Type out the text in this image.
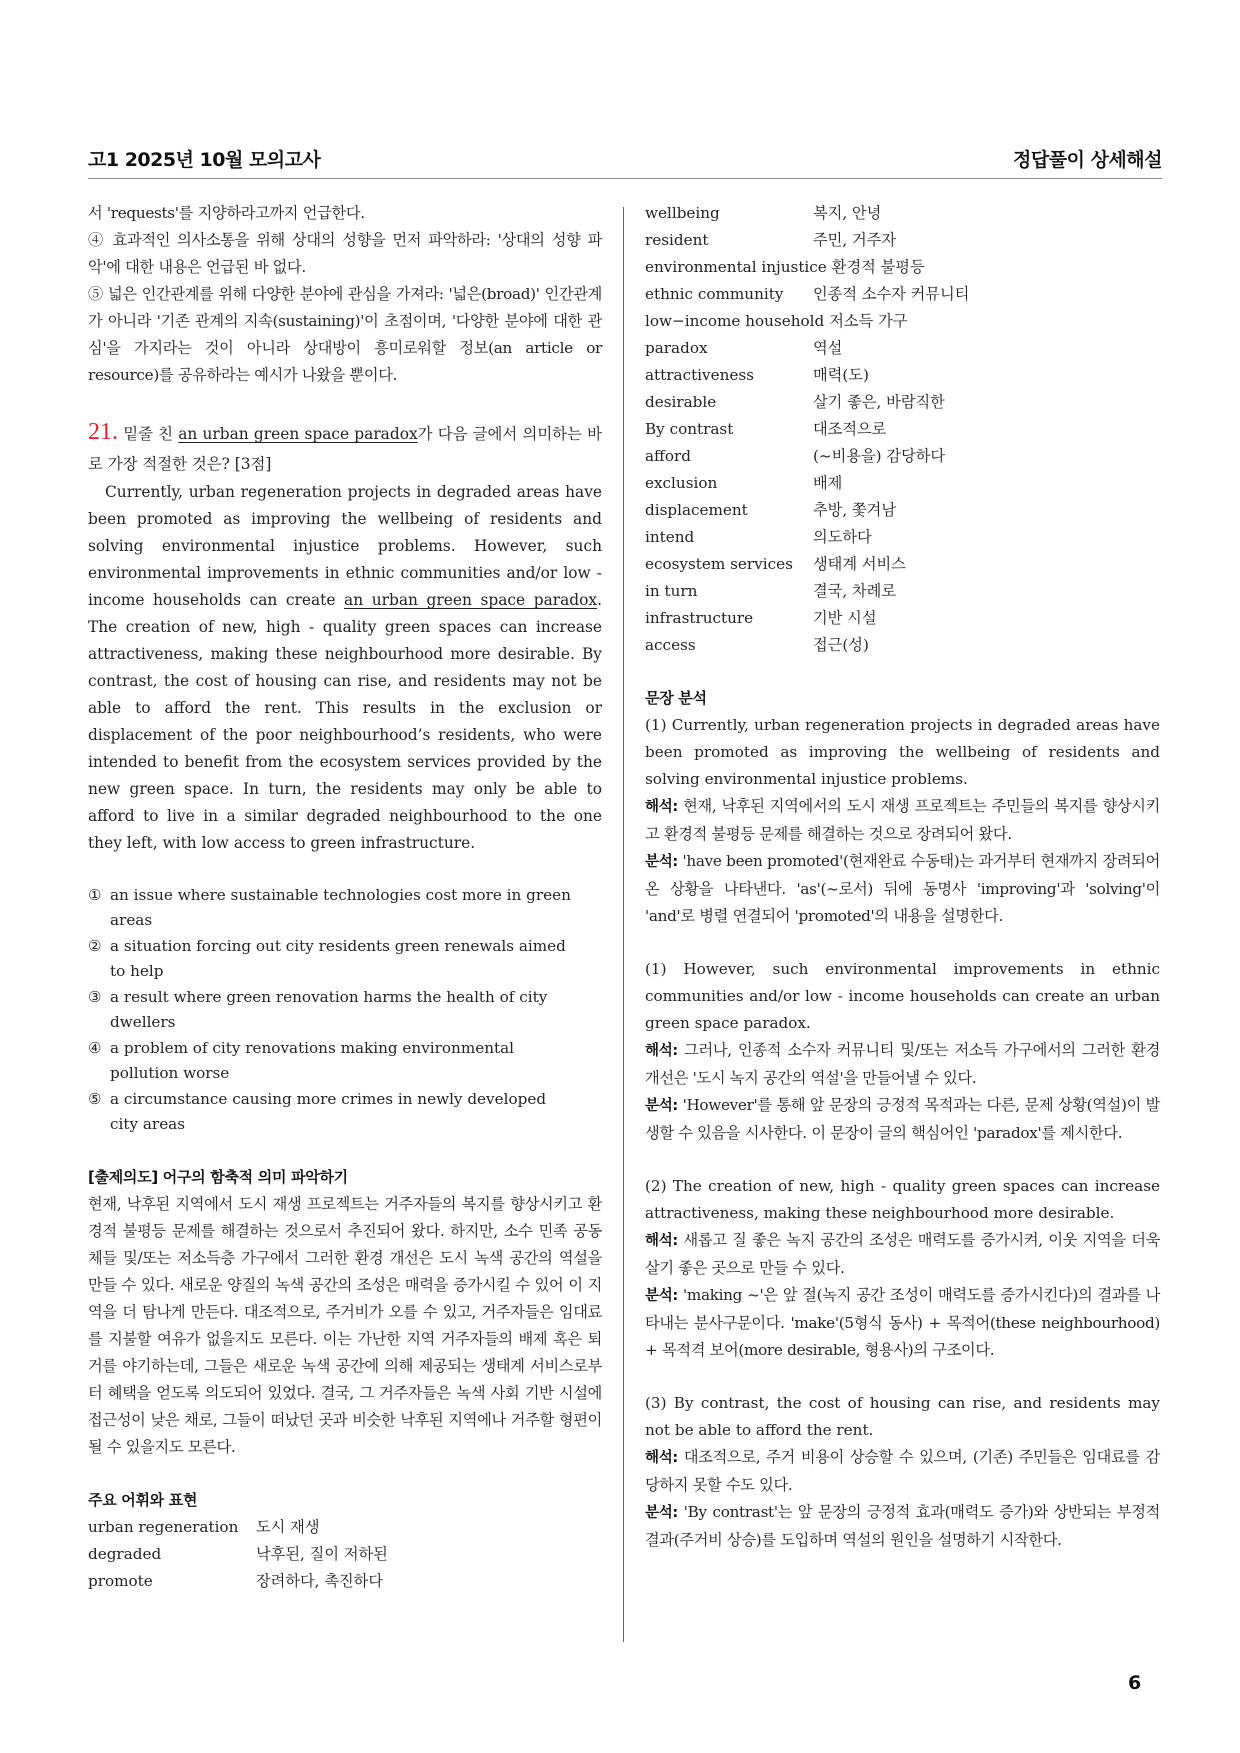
고1 2025년 10월 모의고사	정답풀이 상세해설

서 'requests'를 지양하라고까지 언급한다.

④ 효과적인 의사소통을 위해 상대의 성향을 먼저 파악하라: '상대의 성향 파악'에 대한 내용은 언급된 바 없다.

⑤ 넓은 인간관계를 위해 다양한 분야에 관심을 가져라: '넓은(broad)' 인간관계가 아니라 '기존 관계의 지속(sustaining)'이 초점이며, '다양한 분야에 대한 관심'을 가지라는 것이 아니라 상대방이 흥미로워할 정보(an article or resource)를 공유하라는 예시가 나왔을 뿐이다.

21. 밑줄 친 an urban green space paradox가 다음 글에서 의미하는 바로 가장 적절한 것은? [3점]

Currently, urban regeneration projects in degraded areas have been promoted as improving the wellbeing of residents and solving environmental injustice problems. However, such environmental improvements in ethnic communities and/or low - income households can create an urban green space paradox. The creation of new, high - quality green spaces can increase attractiveness, making these neighbourhood more desirable. By contrast, the cost of housing can rise, and residents may not be able to afford the rent. This results in the exclusion or displacement of the poor neighbourhood’s residents, who were intended to benefit from the ecosystem services provided by the new green space. In turn, the residents may only be able to afford to live in a similar degraded neighbourhood to the one they left, with low access to green infrastructure.

① an issue where sustainable technologies cost more in green areas
② a situation forcing out city residents green renewals aimed to help
③ a result where green renovation harms the health of city dwellers
④ a problem of city renovations making environmental pollution worse
⑤ a circumstance causing more crimes in newly developed city areas

[출제의도] 어구의 함축적 의미 파악하기

현재, 낙후된 지역에서 도시 재생 프로젝트는 거주자들의 복지를 향상시키고 환경적 불평등 문제를 해결하는 것으로서 추진되어 왔다. 하지만, 소수 민족 공동체들 및/또는 저소득층 가구에서 그러한 환경 개선은 도시 녹색 공간의 역설을 만들 수 있다. 새로운 양질의 녹색 공간의 조성은 매력을 증가시킬 수 있어 이 지역을 더 탐나게 만든다. 대조적으로, 주거비가 오를 수 있고, 거주자들은 임대료를 지불할 여유가 없을지도 모른다. 이는 가난한 지역 거주자들의 배제 혹은 퇴거를 야기하는데, 그들은 새로운 녹색 공간에 의해 제공되는 생태계 서비스로부터 혜택을 얻도록 의도되어 있었다. 결국, 그 거주자들은 녹색 사회 기반 시설에 접근성이 낮은 채로, 그들이 떠났던 곳과 비슷한 낙후된 지역에나 거주할 형편이 될 수 있을지도 모른다.

주요 어휘와 표현

urban regeneration	도시 재생
degraded	낙후된, 질이 저하된
promote	장려하다, 촉진하다
wellbeing	복지, 안녕
resident	주민, 거주자
environmental injustice 환경적 불평등
ethnic community	인종적 소수자 커뮤니티
low−income household 저소득 가구
paradox	역설
attractiveness	매력(도)
desirable	살기 좋은, 바람직한
By contrast	대조적으로
afford	(~비용을) 감당하다
exclusion	배제
displacement	추방, 쫓겨남
intend	의도하다
ecosystem services	생태계 서비스
in turn	결국, 차례로
infrastructure	기반 시설
access	접근(성)

문장 분석

(1) Currently, urban regeneration projects in degraded areas have been promoted as improving the wellbeing of residents and solving environmental injustice problems.

해석: 현재, 낙후된 지역에서의 도시 재생 프로젝트는 주민들의 복지를 향상시키고 환경적 불평등 문제를 해결하는 것으로 장려되어 왔다.

분석: 'have been promoted'(현재완료 수동태)는 과거부터 현재까지 장려되어 온 상황을 나타낸다. 'as'(~로서) 뒤에 동명사 'improving'과 'solving'이 'and'로 병렬 연결되어 'promoted'의 내용을 설명한다.

(1) However, such environmental improvements in ethnic communities and/or low - income households can create an urban green space paradox.

해석: 그러나, 인종적 소수자 커뮤니티 및/또는 저소득 가구에서의 그러한 환경 개선은 '도시 녹지 공간의 역설'을 만들어낼 수 있다.

분석: 'However'를 통해 앞 문장의 긍정적 목적과는 다른, 문제 상황(역설)이 발생할 수 있음을 시사한다. 이 문장이 글의 핵심어인 'paradox'를 제시한다.

(2) The creation of new, high - quality green spaces can increase attractiveness, making these neighbourhood more desirable.

해석: 새롭고 질 좋은 녹지 공간의 조성은 매력도를 증가시켜, 이웃 지역을 더욱 살기 좋은 곳으로 만들 수 있다.

분석: 'making ~'은 앞 절(녹지 공간 조성이 매력도를 증가시킨다)의 결과를 나타내는 분사구문이다. 'make'(5형식 동사) + 목적어(these neighbourhood) + 목적격 보어(more desirable, 형용사)의 구조이다.

(3) By contrast, the cost of housing can rise, and residents may not be able to afford the rent.

해석: 대조적으로, 주거 비용이 상승할 수 있으며, (기존) 주민들은 임대료를 감당하지 못할 수도 있다.

분석: 'By contrast'는 앞 문장의 긍정적 효과(매력도 증가)와 상반되는 부정적 결과(주거비 상승)를 도입하며 역설의 원인을 설명하기 시작한다.

6
